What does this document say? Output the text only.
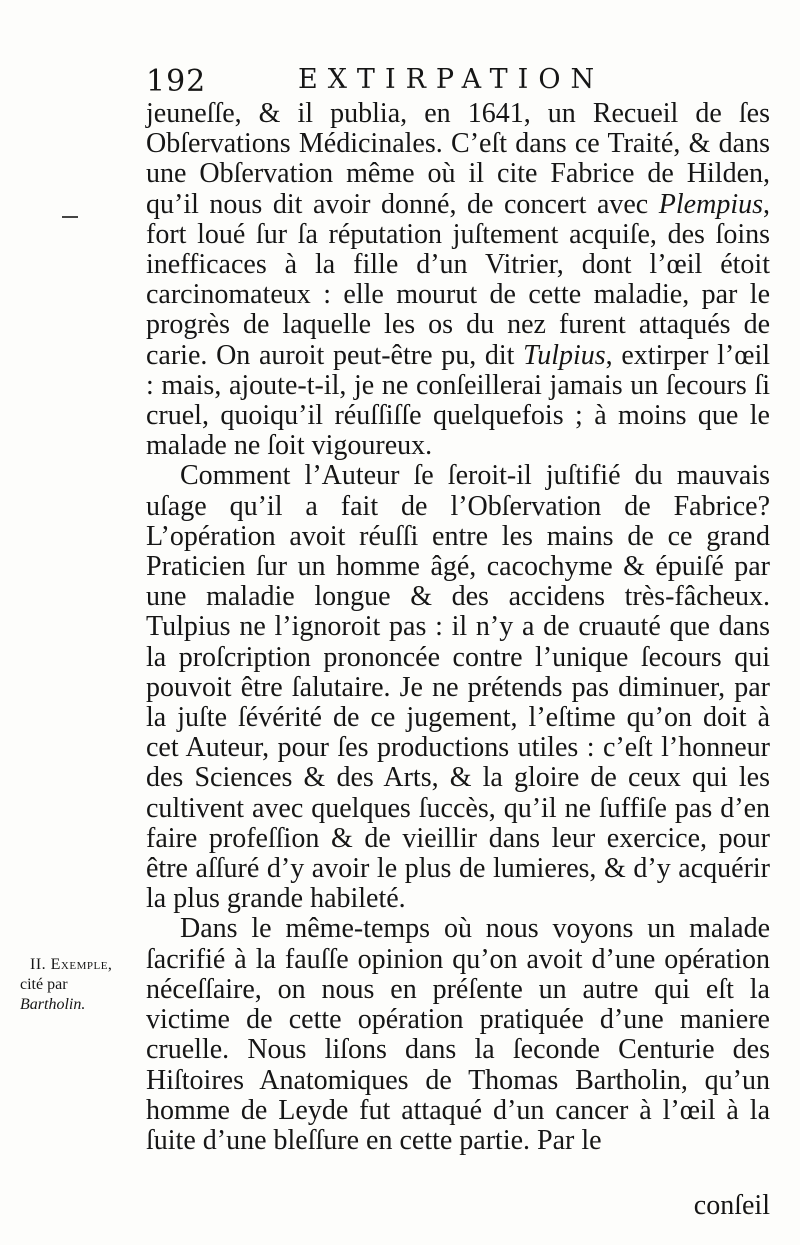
192	EXTIRPATION

jeuneſſe, & il publia, en 1641, un Recueil de ſes Obſervations Médicinales. C’eſt dans ce Traité, & dans une Obſervation même où il cite Fabrice de Hilden, qu’il nous dit avoir donné, de concert avec Plempius, fort loué ſur ſa réputation juſtement acquiſe, des ſoins inefficaces à la fille d’un Vitrier, dont l’œil étoit carcinomateux : elle mourut de cette maladie, par le progrès de laquelle les os du nez furent attaqués de carie. On auroit peut-être pu, dit Tulpius, extirper l’œil : mais, ajoute-t-il, je ne conſeillerai jamais un ſecours ſi cruel, quoiqu’il réuſſiſſe quelquefois ; à moins que le malade ne ſoit vigoureux.

Comment l’Auteur ſe ſeroit-il juſtifié du mauvais uſage qu’il a fait de l’Obſervation de Fabrice? L’opération avoit réuſſi entre les mains de ce grand Praticien ſur un homme âgé, cacochyme & épuiſé par une maladie longue & des accidens très-fâcheux. Tulpius ne l’ignoroit pas : il n’y a de cruauté que dans la proſcription prononcée contre l’unique ſecours qui pouvoit être ſalutaire. Je ne prétends pas diminuer, par la juſte ſévérité de ce jugement, l’eſtime qu’on doit à cet Auteur, pour ſes productions utiles : c’eſt l’honneur des Sciences & des Arts, & la gloire de ceux qui les cultivent avec quelques ſuccès, qu’il ne ſuffiſe pas d’en faire profeſſion & de vieillir dans leur exercice, pour être aſſuré d’y avoir le plus de lumieres, & d’y acquérir la plus grande habileté.

Dans le même-temps où nous voyons un malade ſacrifié à la fauſſe opinion qu’on avoit d’une opération néceſſaire, on nous en préſente un autre qui eſt la victime de cette opération pratiquée d’une maniere cruelle. Nous liſons dans la ſeconde Centurie des Hiſtoires Anatomiques de Thomas Bartholin, qu’un homme de Leyde fut attaqué d’un cancer à l’œil à la ſuite d’une bleſſure en cette partie. Par le

II. Exemple,
cité par Bartholin.
conſeil
